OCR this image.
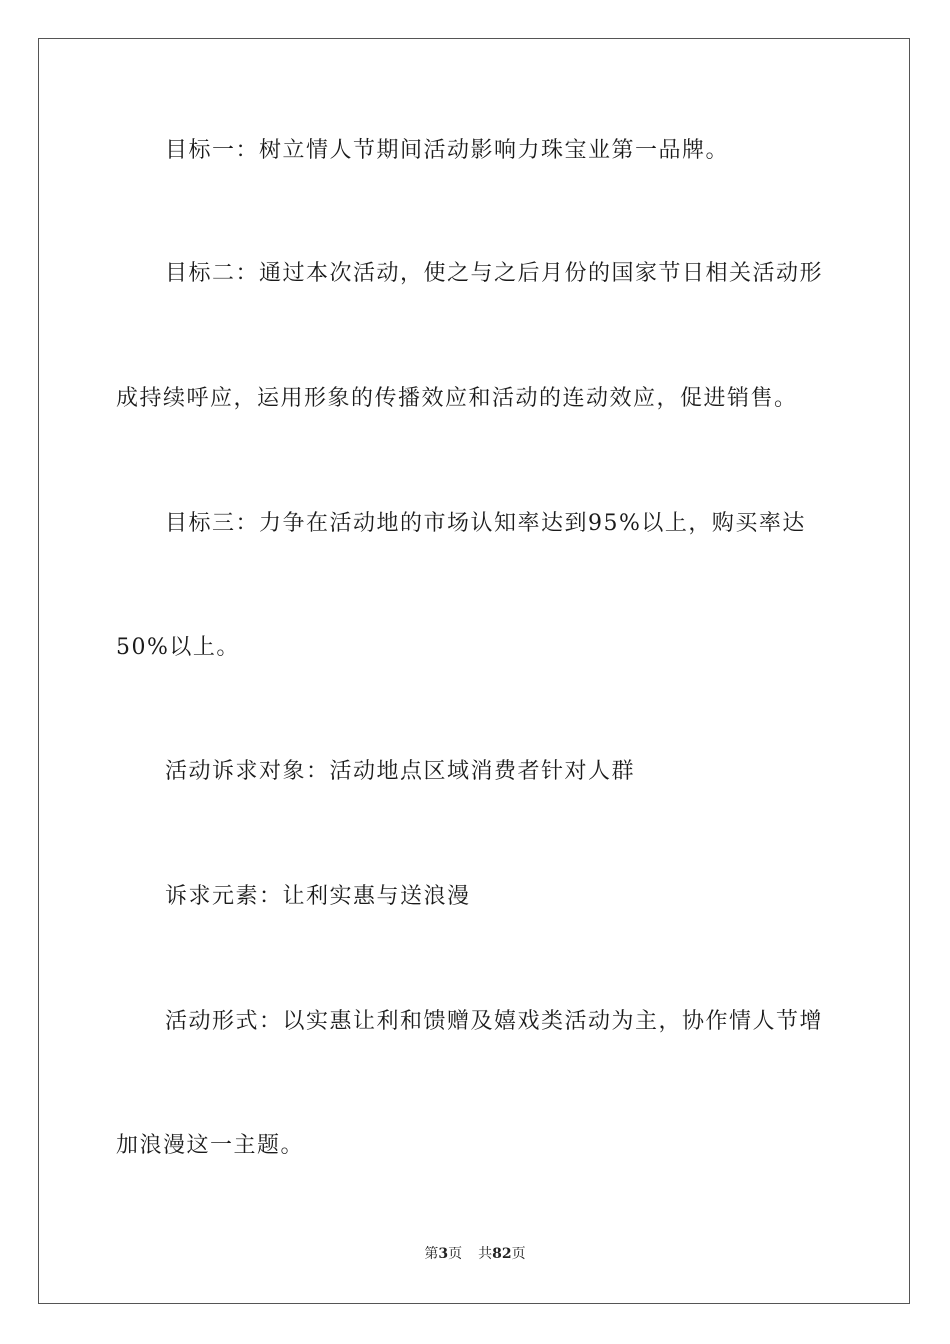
目标一：树立情人节期间活动影响力珠宝业第一品牌。
目标二：通过本次活动，使之与之后月份的国家节日相关活动形
成持续呼应，运用形象的传播效应和活动的连动效应，促进销售。
目标三：力争在活动地的市场认知率达到95%以上，购买率达
50%以上。
活动诉求对象：活动地点区域消费者针对人群
诉求元素：让利实惠与送浪漫
活动形式：以实惠让利和馈赠及嬉戏类活动为主，协作情人节增
加浪漫这一主题。
第3页 共82页
